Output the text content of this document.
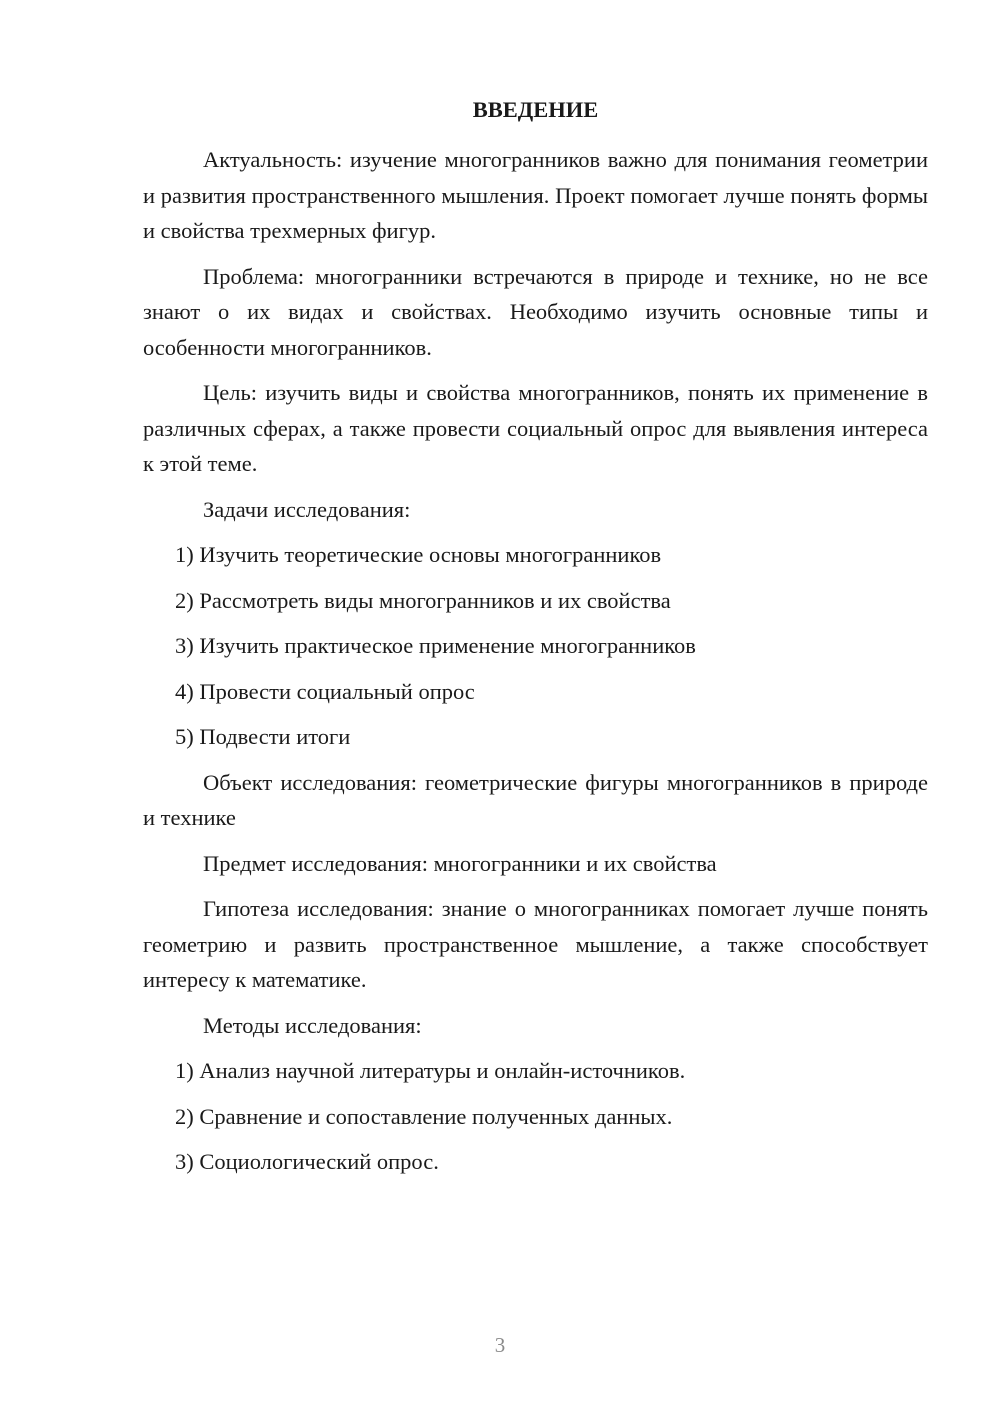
ВВЕДЕНИЕ

Актуальность: изучение многогранников важно для понимания геометрии и развития пространственного мышления. Проект помогает лучше понять формы и свойства трехмерных фигур.

Проблема: многогранники встречаются в природе и технике, но не все знают о их видах и свойствах. Необходимо изучить основные типы и особенности многогранников.

Цель: изучить виды и свойства многогранников, понять их применение в различных сферах, а также провести социальный опрос для выявления интереса к этой теме.

Задачи исследования:

1) Изучить теоретические основы многогранников
2) Рассмотреть виды многогранников и их свойства
3) Изучить практическое применение многогранников
4) Провести социальный опрос
5) Подвести итоги

Объект исследования: геометрические фигуры многогранников в природе и технике

Предмет исследования: многогранники и их свойства

Гипотеза исследования: знание о многогранниках помогает лучше понять геометрию и развить пространственное мышление, а также способствует интересу к математике.

Методы исследования:

1) Анализ научной литературы и онлайн-источников.
2) Сравнение и сопоставление полученных данных.
3) Социологический опрос.
3
